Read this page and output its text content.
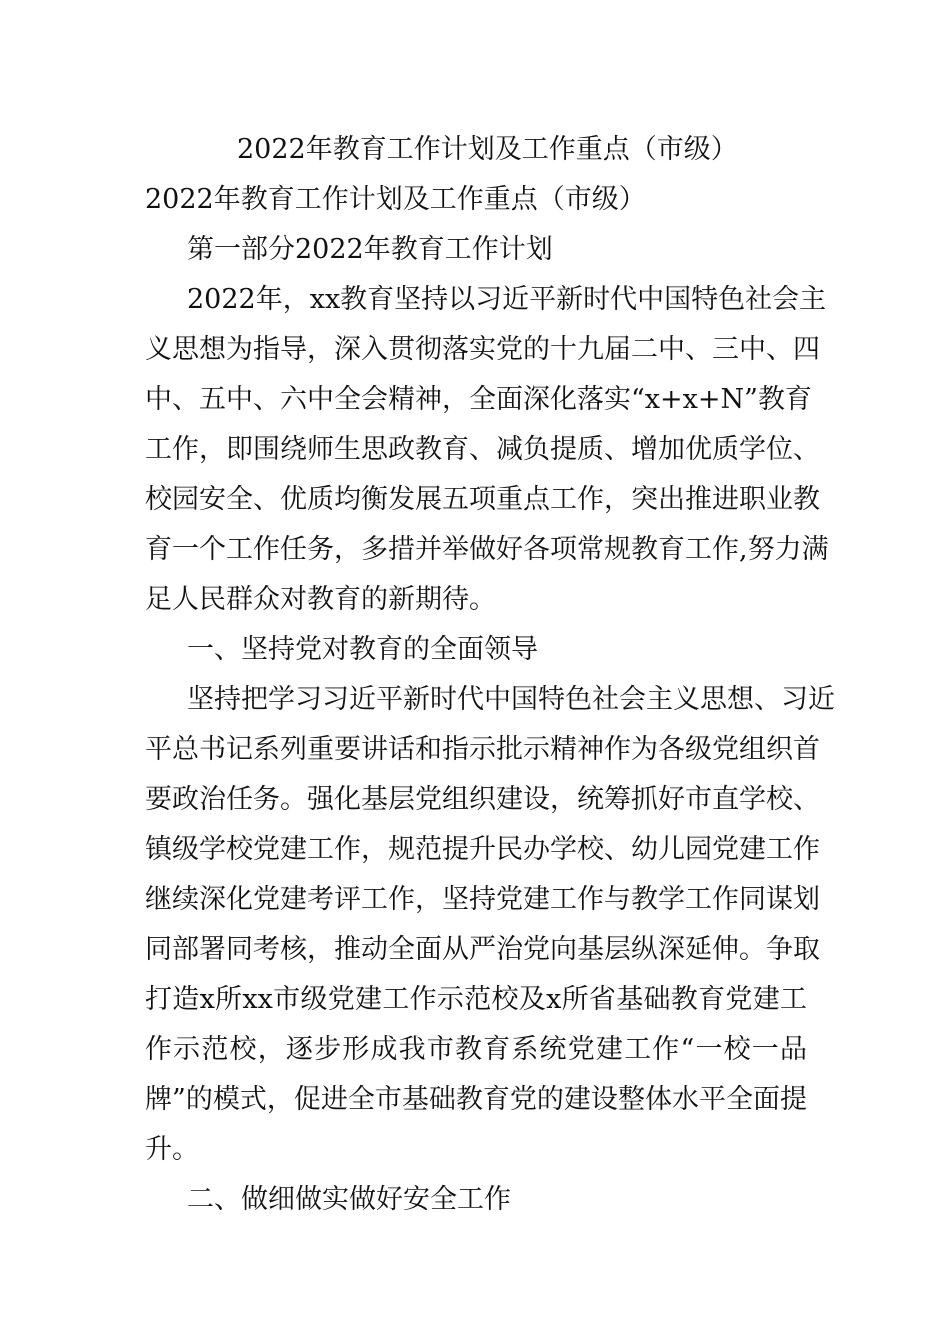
2022年教育工作计划及工作重点（市级）
2022年教育工作计划及工作重点（市级）
第一部分2022年教育工作计划
2022年，xx教育坚持以习近平新时代中国特色社会主
义思想为指导，深入贯彻落实党的十九届二中、三中、四
中、五中、六中全会精神，全面深化落实“x+x+N”教育
工作，即围绕师生思政教育、减负提质、增加优质学位、
校园安全、优质均衡发展五项重点工作，突出推进职业教
育一个工作任务，多措并举做好各项常规教育工作,努力满
足人民群众对教育的新期待。
一、坚持党对教育的全面领导
坚持把学习习近平新时代中国特色社会主义思想、习近
平总书记系列重要讲话和指示批示精神作为各级党组织首
要政治任务。强化基层党组织建设，统筹抓好市直学校、
镇级学校党建工作，规范提升民办学校、幼儿园党建工作
继续深化党建考评工作，坚持党建工作与教学工作同谋划
同部署同考核，推动全面从严治党向基层纵深延伸。争取
打造x所xx市级党建工作示范校及x所省基础教育党建工
作示范校，逐步形成我市教育系统党建工作“一校一品
牌”的模式，促进全市基础教育党的建设整体水平全面提
升。
二、做细做实做好安全工作
